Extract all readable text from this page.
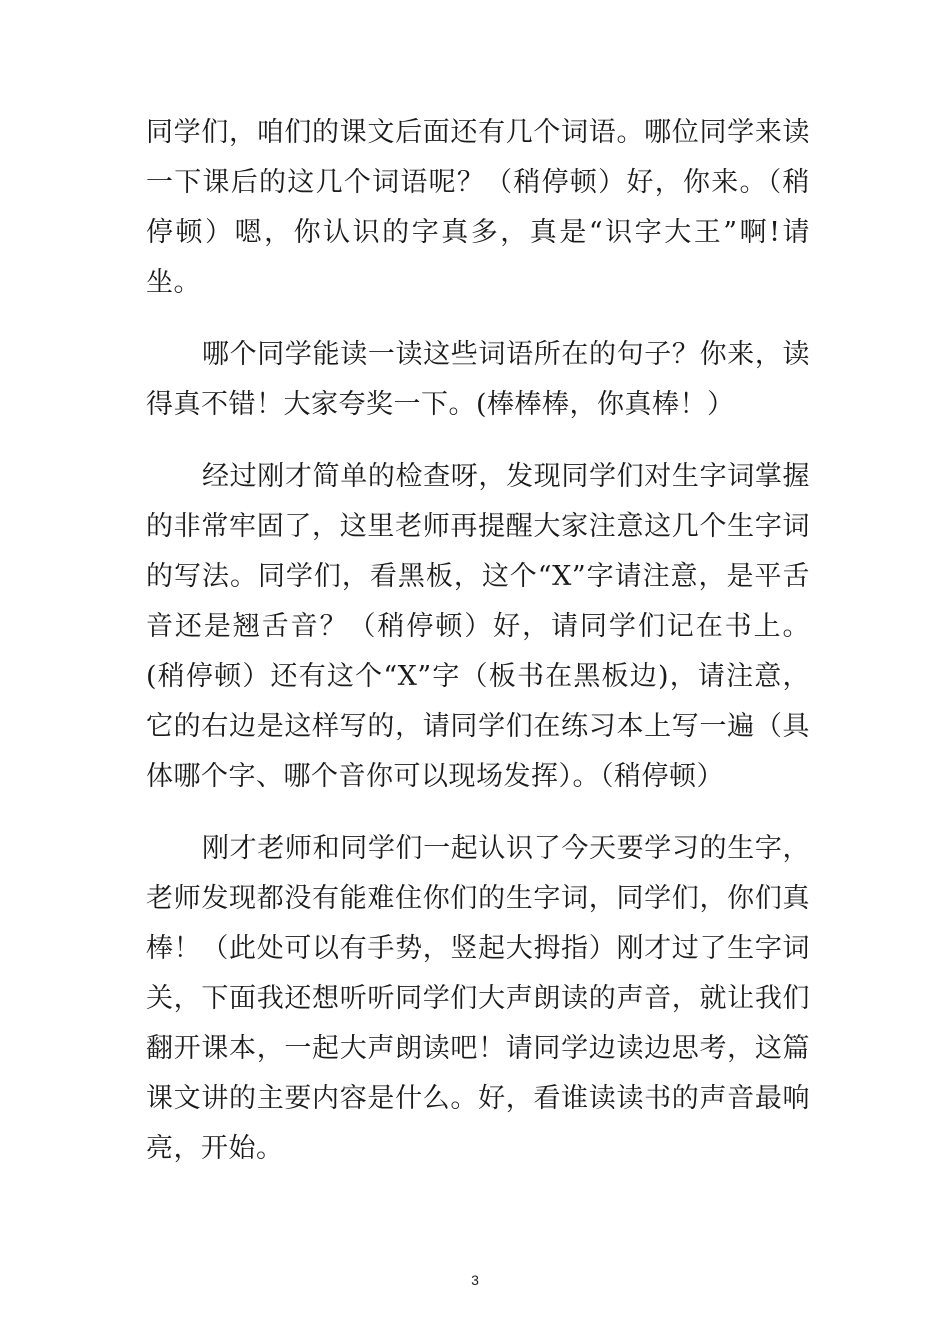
同学们，咱们的课文后面还有几个词语。哪位同学来读一下课后的这几个词语呢？（稍停顿）好，你来。（稍停顿）嗯，你认识的字真多，真是“识字大王”啊!请坐。

哪个同学能读一读这些词语所在的句子？你来，读得真不错！大家夸奖一下。(棒棒棒，你真棒！）

经过刚才简单的检查呀，发现同学们对生字词掌握的非常牢固了，这里老师再提醒大家注意这几个生字词的写法。同学们，看黑板，这个“X”字请注意，是平舌音还是翘舌音？（稍停顿）好，请同学们记在书上。(稍停顿）还有这个“X”字（板书在黑板边)，请注意，它的右边是这样写的，请同学们在练习本上写一遍（具体哪个字、哪个音你可以现场发挥）。（稍停顿）

刚才老师和同学们一起认识了今天要学习的生字，老师发现都没有能难住你们的生字词，同学们，你们真棒！（此处可以有手势，竖起大拇指）刚才过了生字词关，下面我还想听听同学们大声朗读的声音，就让我们翻开课本，一起大声朗读吧！请同学边读边思考，这篇课文讲的主要内容是什么。好，看谁读读书的声音最响亮，开始。

3
